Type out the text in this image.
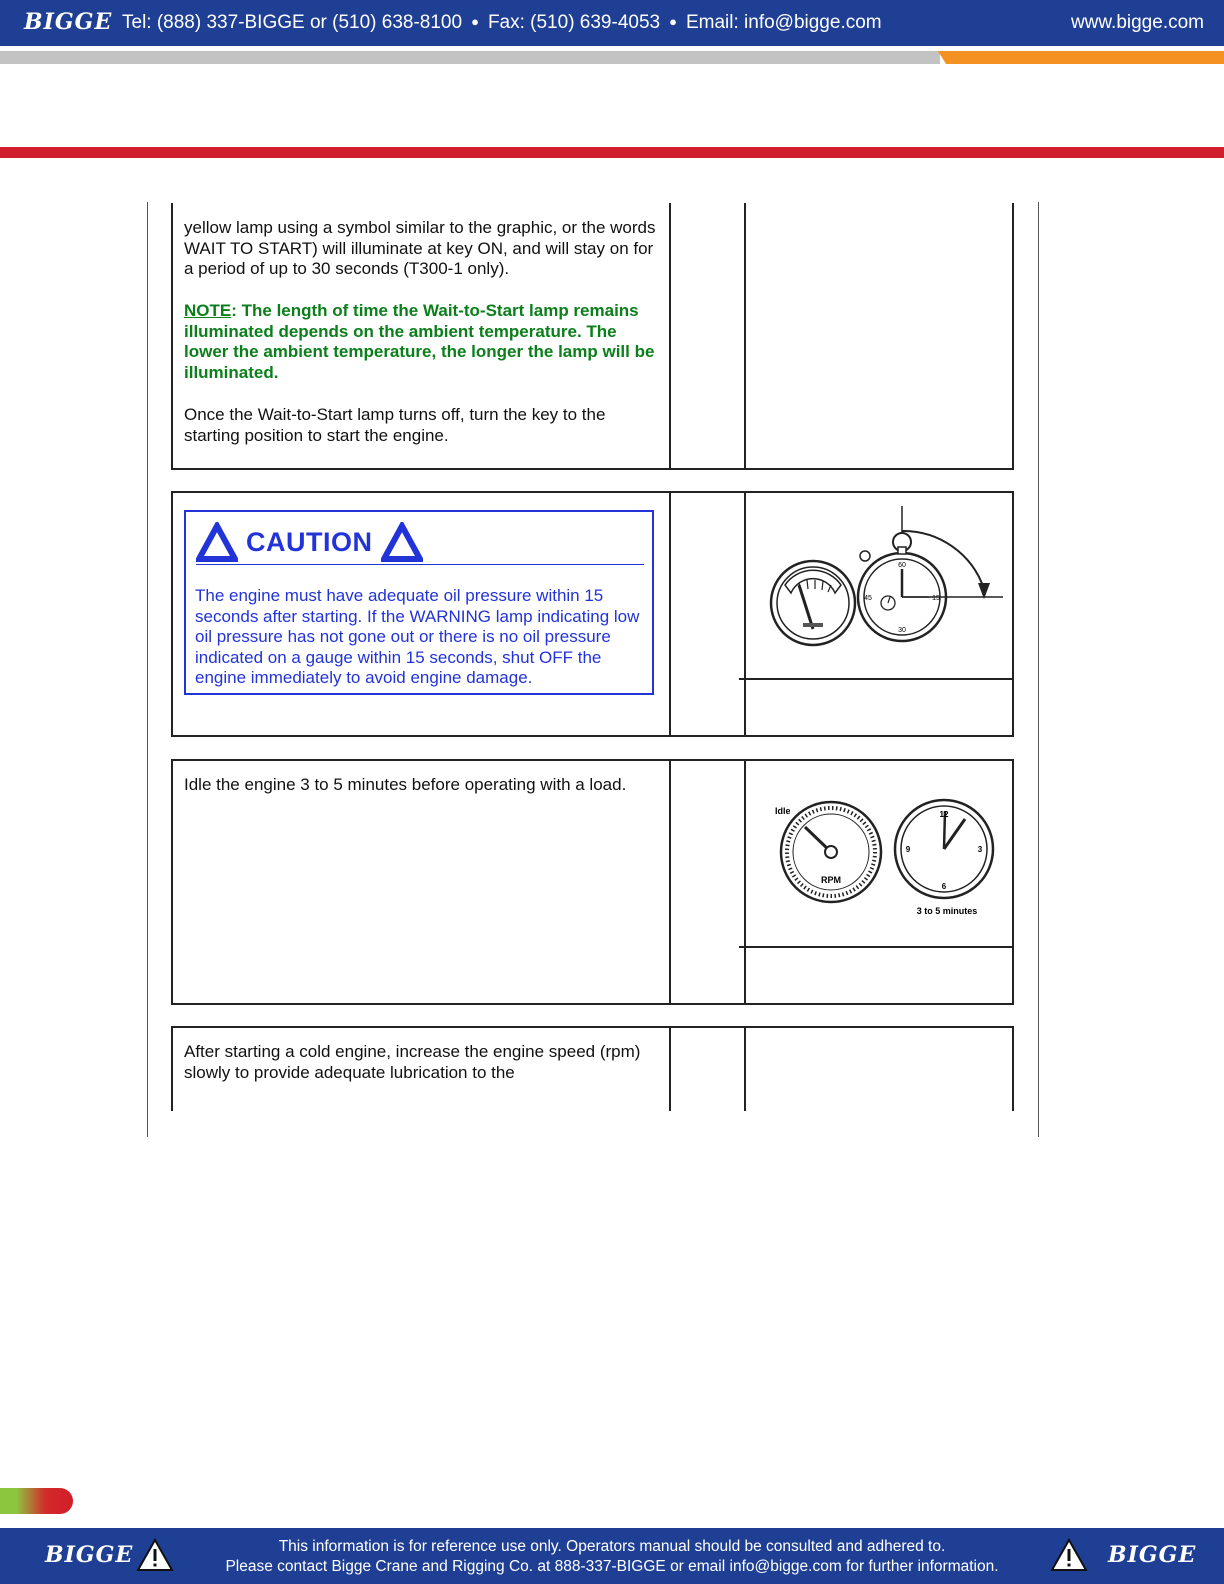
BIGGE Tel: (888) 337-BIGGE or (510) 638-8100 ● Fax: (510) 639-4053 ● Email: info@bigge.com	www.bigge.com
yellow lamp using a symbol similar to the graphic, or the words WAIT TO START) will illuminate at key ON, and will stay on for a period of up to 30 seconds (T300-1 only).
NOTE: The length of time the Wait-to-Start lamp remains illuminated depends on the ambient temperature. The lower the ambient temperature, the longer the lamp will be illuminated.
Once the Wait-to-Start lamp turns off, turn the key to the starting position to start the engine.
CAUTION
The engine must have adequate oil pressure within 15 seconds after starting. If the WARNING lamp indicating low oil pressure has not gone out or there is no oil pressure indicated on a gauge within 15 seconds, shut OFF the engine immediately to avoid engine damage.
60
15
30
45
Idle the engine 3 to 5 minutes before operating with a load.
Idle
RPM
12
3
6
9
3 to 5 minutes
After starting a cold engine, increase the engine speed (rpm) slowly to provide adequate lubrication to the
BIGGE	This information is for reference use only. Operators manual should be consulted and adhered to.
Please contact Bigge Crane and Rigging Co. at 888-337-BIGGE or email info@bigge.com for further information.	BIGGE
